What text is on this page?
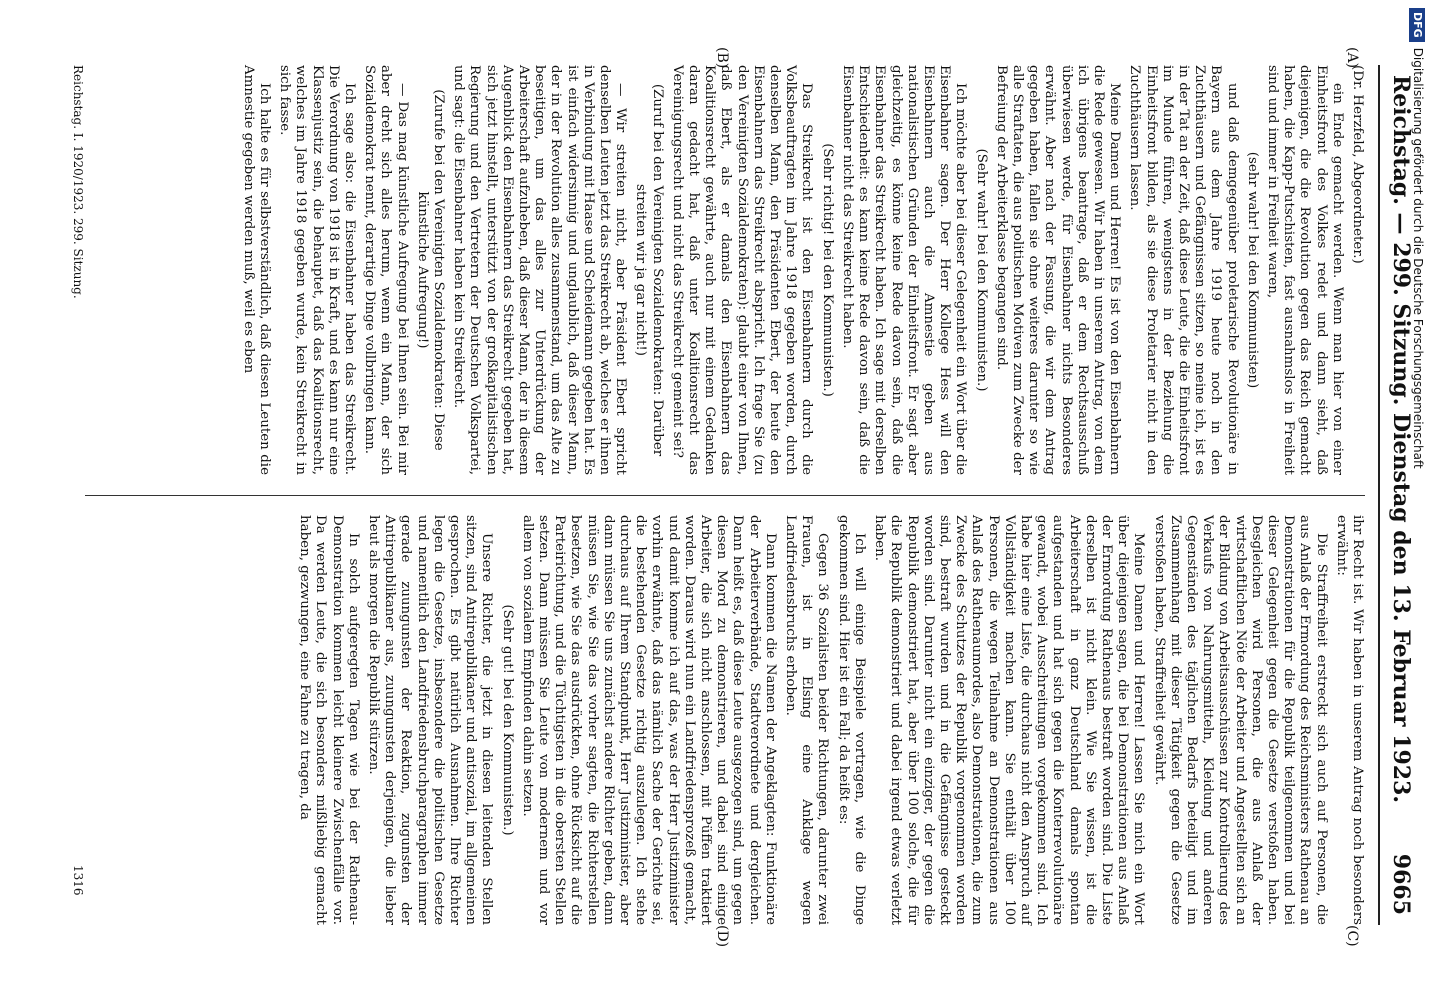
Reichstag. — 299. Sitzung. Dienstag den 13. Februar 1923.
9665
(A)
(B)
(C)
(D)

(Dr. Herzfeld, Abgeordneter.)

ein Ende gemacht werden. Wenn man hier von einer Einheitsfront des Volkes redet und dann sieht, daß diejenigen, die die Revolution gegen das Reich gemacht haben, die Kapp-Putschisten, fast ausnahmslos in Freiheit sind und immer in Freiheit waren,

(sehr wahr! bei den Kommunisten)

und daß demgegenüber proletarische Revolutionäre in Bayern aus dem Jahre 1919 heute noch in den Zuchthäusern und Gefängnissen sitzen, so meine ich, ist es in der Tat an der Zeit, daß diese Leute, die die Einheitsfront im Munde führen, wenigstens in der Beziehung die Einheitsfront bilden, als sie diese Proletarier nicht in den Zuchthäusern lassen.

Meine Damen und Herren! Es ist von den Eisenbahnern die Rede gewesen. Wir haben in unserem Antrag, von dem ich übrigens beantrage, daß er dem Rechtsausschuß überwiesen werde, für Eisenbahner nichts Besonderes erwähnt. Aber nach der Fassung, die wir dem Antrag gegeben haben, fallen sie ohne weiteres darunter so wie alle Straftaten, die aus politischen Motiven zum Zwecke der Befreiung der Arbeiterklasse begangen sind.

(Sehr wahr! bei den Kommunisten.)

Ich möchte aber bei dieser Gelegenheit ein Wort über die Eisenbahner sagen. Der Herr Kollege Hess will den Eisenbahnern auch die Amnestie geben aus nationalistischen Gründen der Einheitsfront. Er sagt aber gleichzeitig, es könne keine Rede davon sein, daß die Eisenbahner das Streikrecht haben. Ich sage mit derselben Entschiedenheit: es kann keine Rede davon sein, daß die Eisenbahner nicht das Streikrecht haben.

(Sehr richtig! bei den Kommunisten.)

Das Streikrecht ist den Eisenbahnern durch die Volksbeauftragten im Jahre 1918 gegeben worden, durch denselben Mann, den Präsidenten Ebert, der heute den Eisenbahnern das Streikrecht abspricht. Ich frage Sie (zu den Vereinigten Sozialdemokraten): glaubt einer von Ihnen, daß Ebert, als er damals den Eisenbahnern das Koalitionsrecht gewährte, auch nur mit einem Gedanken daran gedacht hat, daß unter Koalitionsrecht das Vereinigungsrecht und nicht das Streikrecht gemeint sei?

(Zuruf bei den Vereinigten Sozialdemokraten: Darüber streiten wir ja gar nicht!)

— Wir streiten nicht, aber Präsident Ebert spricht denselben Leuten jetzt das Streikrecht ab, welches er ihnen in Verbindung mit Haase und Scheidemann gegeben hat. Es ist einfach widersinnig und unglaublich, daß dieser Mann, der in der Revolution alles zusammenstand, um das Alte zu beseitigen, um das alles zur Unterdrückung der Arbeiterschaft aufzuheben, daß dieser Mann, der in diesem Augenblick den Eisenbahnern das Streikrecht gegeben hat, sich jetzt hinstellt, unterstützt von der großkapitalistischen Regierung und den Vertretern der Deutschen Volkspartei, und sagt: die Eisenbahner haben kein Streikrecht.

(Zurufe bei den Vereinigten Sozialdemokraten: Diese künstliche Aufregung!)

— Das mag künstliche Aufregung bei Ihnen sein. Bei mir aber dreht sich alles herum, wenn ein Mann, der sich Sozialdemokrat nennt, derartige Dinge vollbringen kann.

Ich sage also: die Eisenbahner haben das Streikrecht. Die Verordnung von 1918 ist in Kraft, und es kann nur eine Klassenjustiz sein, die behauptet, daß das Koalitionsrecht, welches im Jahre 1918 gegeben wurde, kein Streikrecht in sich fasse.

Ich halte es für selbstverständlich, daß diesen Leuten die Amnestie gegeben werden muß, weil es eben

ihr Recht ist. Wir haben in unserem Antrag noch besonders erwähnt:

Die Straffreiheit erstreckt sich auch auf Personen, die aus Anlaß der Ermordung des Reichsministers Rathenau an Demonstrationen für die Republik teilgenommen und bei dieser Gelegenheit gegen die Gesetze verstoßen haben. Desgleichen wird Personen, die aus Anlaß der wirtschaftlichen Nöte der Arbeiter und Angestellten sich an der Bildung von Arbeitsausschüssen zur Kontrollierung des Verkaufs von Nahrungsmitteln, Kleidung und anderen Gegenständen des täglichen Bedarfs beteiligt und im Zusammenhang mit dieser Tätigkeit gegen die Gesetze verstoßen haben, Straffreiheit gewährt.

Meine Damen und Herren! Lassen Sie mich ein Wort über diejenigen sagen, die bei Demonstrationen aus Anlaß der Ermordung Rathenaus bestraft worden sind. Die Liste derselben ist nicht klein. Wie Sie wissen, ist die Arbeiterschaft in ganz Deutschland damals spontan aufgestanden und hat sich gegen die Konterrevolutionäre gewandt, wobei Ausschreitungen vorgekommen sind. Ich habe hier eine Liste, die durchaus nicht den Anspruch auf Vollständigkeit machen kann. Sie enthält über 100 Personen, die wegen Teilnahme an Demonstrationen aus Anlaß des Rathenaumordes, also Demonstrationen, die zum Zwecke des Schutzes der Republik vorgenommen worden sind, bestraft wurden und in die Gefängnisse gesteckt worden sind. Darunter nicht ein einziger, der gegen die Republik demonstriert hat, aber über 100 solche, die für die Republik demonstriert und dabei irgend etwas verletzt haben.

Ich will einige Beispiele vortragen, wie die Dinge gekommen sind. Hier ist ein Fall; da heißt es:

Gegen 36 Sozialisten beider Richtungen, darunter zwei Frauen, ist in Elsing eine Anklage wegen Landfriedensbruchs erhoben.

Dann kommen die Namen der Angeklagten: Funktionäre der Arbeiterverbände, Stadtverordnete und dergleichen. Dann heißt es, daß diese Leute ausgezogen sind, um gegen diesen Mord zu demonstrieren, und dabei sind einige Arbeiter, die sich nicht anschlossen, mit Püffen traktiert worden. Daraus wird nun ein Landfriedensprozeß gemacht, und damit komme ich auf das, was der Herr Justizminister vorhin erwähnte, daß das nämlich Sache der Gerichte sei, die bestehenden Gesetze richtig auszulegen. Ich stehe durchaus auf Ihrem Standpunkt, Herr Justizminister, aber dann müssen Sie uns zunächst andere Richter geben, dann müssen Sie, wie Sie das vorher sagten, die Richterstellen besetzen, wie Sie das ausdrückten, ohne Rücksicht auf die Parteirichtung, und die Tüchtigsten in die obersten Stellen setzen. Dann müssen Sie Leute von modernem und vor allem von sozialem Empfinden dahin setzen.

(Sehr gut! bei den Kommunisten.)

Unsere Richter, die jetzt in diesen leitenden Stellen sitzen, sind Antirepublikaner und antisozial, im allgemeinen gesprochen. Es gibt natürlich Ausnahmen. Ihre Richter legen die Gesetze, insbesondere die politischen Gesetze und namentlich den Landfriedensbruchparagraphen immer gerade zuungunsten der Reaktion, zugunsten der Antirepublikaner aus, zuungunsten derjenigen, die lieber heut als morgen die Republik stürzen.

In solch aufgeregten Tagen wie bei der Rathenau-Demonstration kommen leicht kleinere Zwischenfälle vor. Da werden Leute, die sich besonders mißliebig gemacht haben, gezwungen, eine Fahne zu tragen, da

Reichstag. I. 1920/1923. 299. Sitzung.
1316
DFGDigitalisierung gefördert durch die Deutsche Forschungsgemeinschaft
